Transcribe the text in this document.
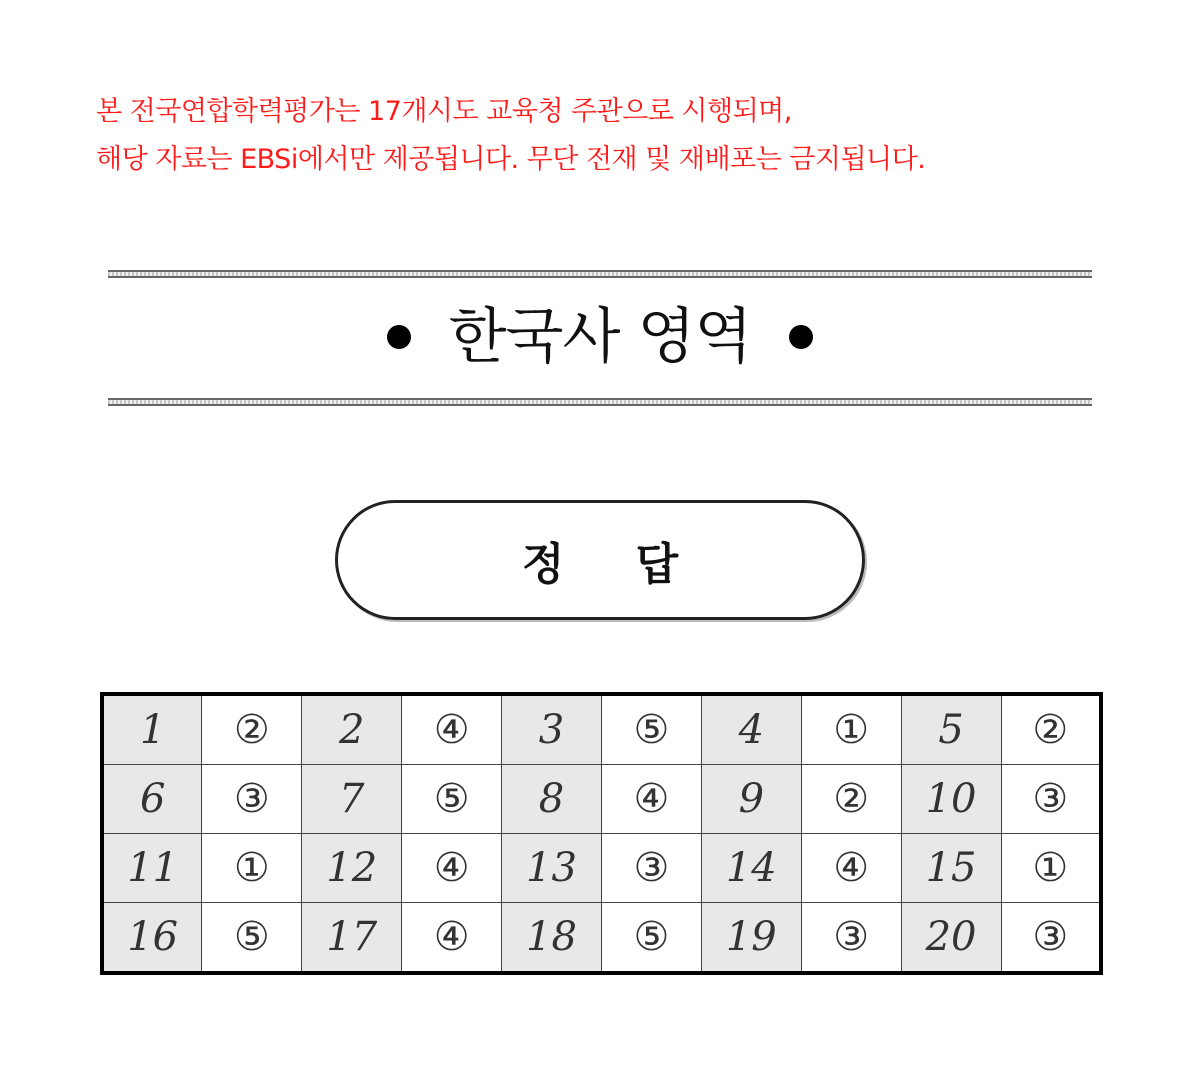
본 전국연합학력평가는 17개시도 교육청 주관으로 시행되며,
해당 자료는 EBSi에서만 제공됩니다. 무단 전재 및 재배포는 금지됩니다.
한국사 영역
정 답
1	②	2	④	3	⑤	4	①	5	②
6	③	7	⑤	8	④	9	②	10	③
11	①	12	④	13	③	14	④	15	①
16	⑤	17	④	18	⑤	19	③	20	③
